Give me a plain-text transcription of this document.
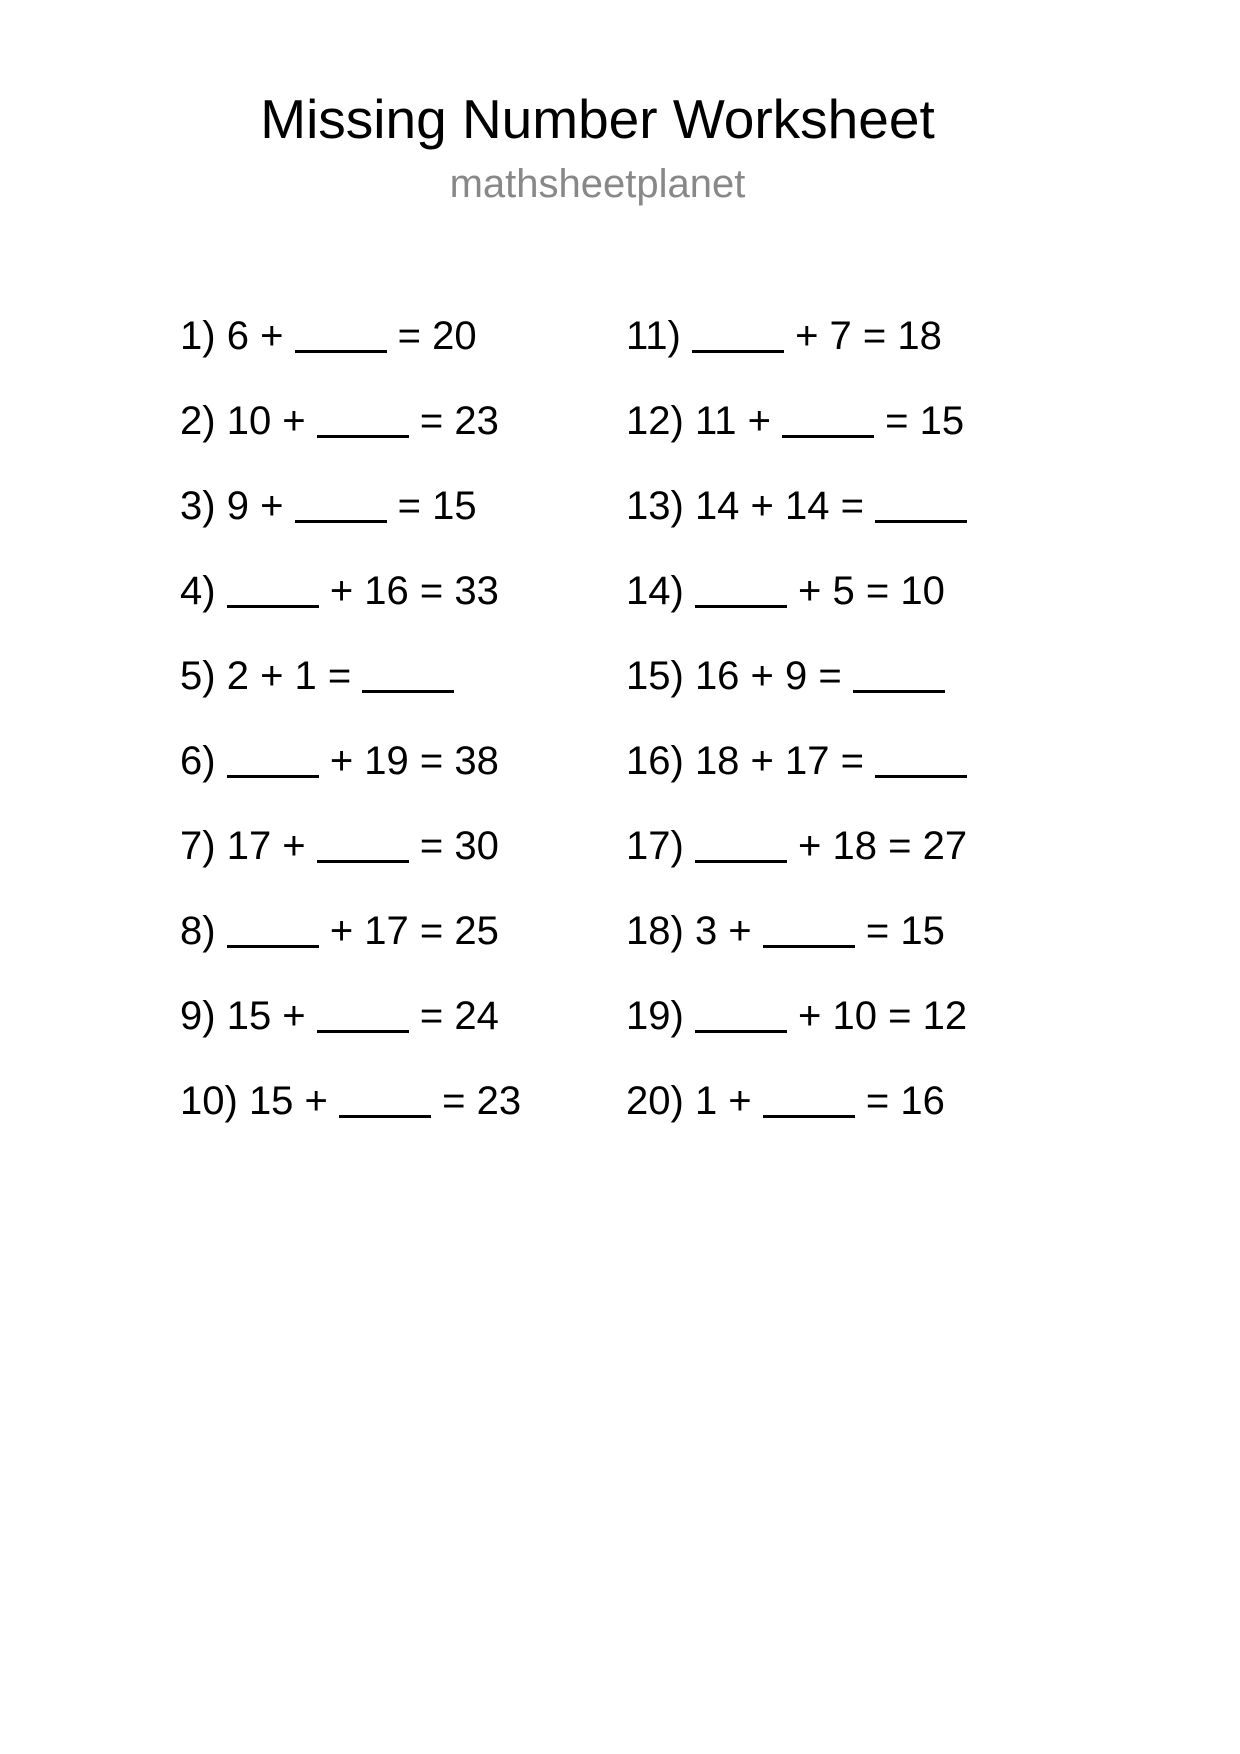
Missing Number Worksheet
mathsheetplanet
1)
6 + = 20
2)
10 + = 23
3)
9 + = 15
4)
	+ 16 = 33
5)
2 + 1 =
6)
	+ 19 = 38
7)
17 + = 30
8)
	+ 17 = 25
9)
15 + = 24
10)
15 + = 23
11)
	+ 7 = 18
12)
11 + = 15
13)
14 + 14 =
14)
	+ 5 = 10
15)
16 + 9 =
16)
18 + 17 =
17)
	+ 18 = 27
18)
3 + = 15
19)
	+ 10 = 12
20)
1 + = 16
